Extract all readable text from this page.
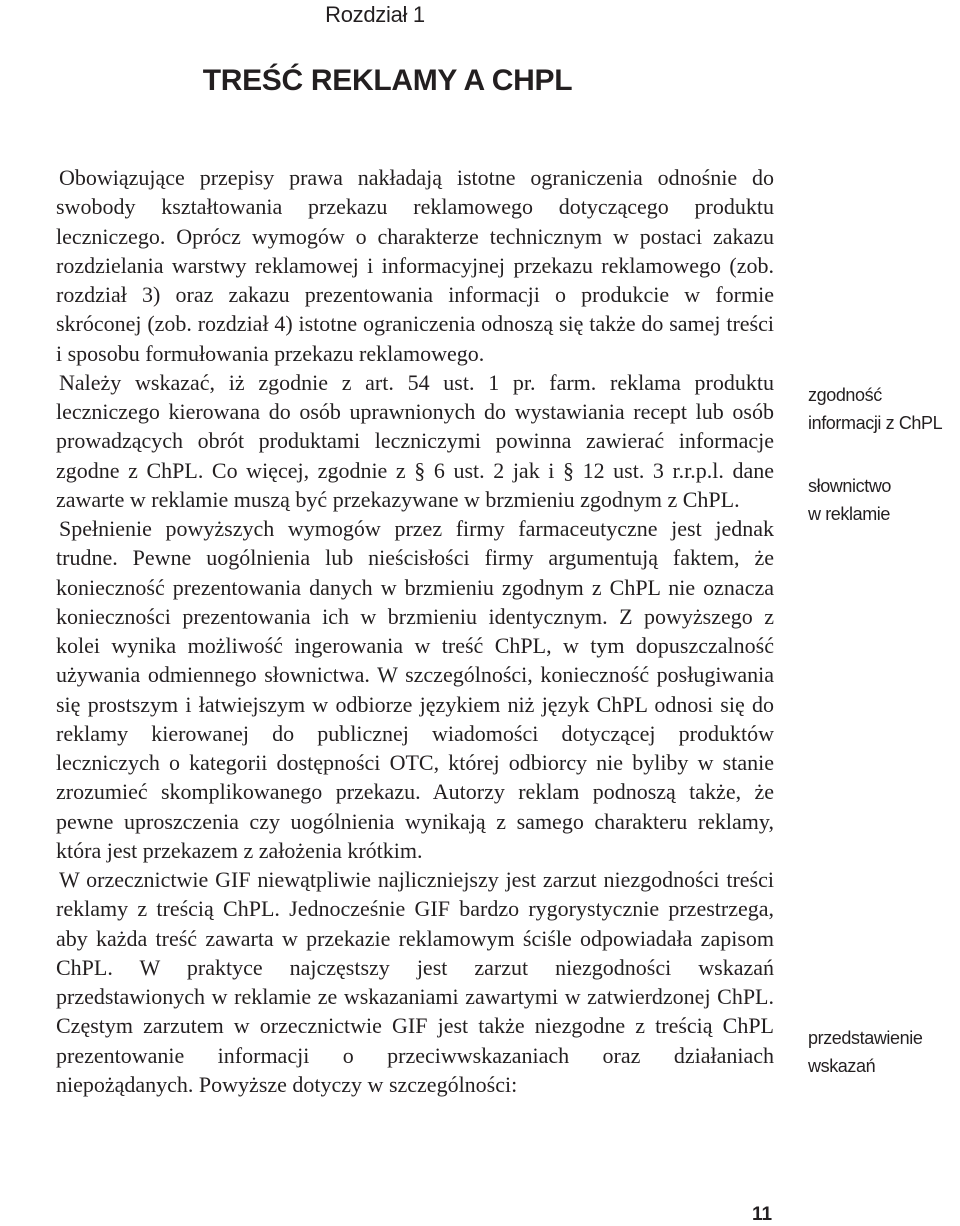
Rozdział 1
TREŚĆ REKLAMY A CHPL

Obowiązujące przepisy prawa nakładają istotne ograniczenia odnośnie do swobody kształtowania przekazu reklamowego dotyczącego produktu leczniczego. Oprócz wymogów o charakterze technicznym w postaci zakazu rozdzielania warstwy reklamowej i informacyjnej przekazu reklamowego (zob. rozdział 3) oraz zakazu prezentowania informacji o produkcie w formie skróconej (zob. rozdział 4) istotne ograniczenia odnoszą się także do samej treści i sposobu formułowania przekazu reklamowego.

Należy wskazać, iż zgodnie z art. 54 ust. 1 pr. farm. reklama produktu leczniczego kierowana do osób uprawnionych do wystawiania recept lub osób prowadzących obrót produktami leczniczymi powinna zawierać informacje zgodne z ChPL. Co więcej, zgodnie z § 6 ust. 2 jak i § 12 ust. 3 r.r.p.l. dane zawarte w reklamie muszą być przekazywane w brzmieniu zgodnym z ChPL.

Spełnienie powyższych wymogów przez firmy farmaceutyczne jest jednak trudne. Pewne uogólnienia lub nieścisłości firmy argumentują faktem, że konieczność prezentowania danych w brzmieniu zgodnym z ChPL nie oznacza konieczności prezentowania ich w brzmieniu identycznym. Z powyższego z kolei wynika możliwość ingerowania w treść ChPL, w tym dopuszczalność używania odmiennego słownictwa. W szczególności, konieczność posługiwania się prostszym i łatwiejszym w odbiorze językiem niż język ChPL odnosi się do reklamy kierowanej do publicznej wiadomości dotyczącej produktów leczniczych o kategorii dostępności OTC, której odbiorcy nie byliby w stanie zrozumieć skomplikowanego przekazu. Autorzy reklam podnoszą także, że pewne uproszczenia czy uogólnienia wynikają z samego charakteru reklamy, która jest przekazem z założenia krótkim.

W orzecznictwie GIF niewątpliwie najliczniejszy jest zarzut niezgodności treści reklamy z treścią ChPL. Jednocześnie GIF bardzo rygorystycznie przestrzega, aby każda treść zawarta w przekazie reklamowym ściśle odpowiadała zapisom ChPL. W praktyce najczęstszy jest zarzut niezgodności wskazań przedstawionych w reklamie ze wskazaniami zawartymi w zatwierdzonej ChPL. Częstym zarzutem w orzecznictwie GIF jest także niezgodne z treścią ChPL prezentowanie informacji o przeciwwskazaniach oraz działaniach niepożądanych. Powyższe dotyczy w szczególności:

zgodność
informacji z ChPL
słownictwo
w reklamie
przedstawienie
wskazań
11
